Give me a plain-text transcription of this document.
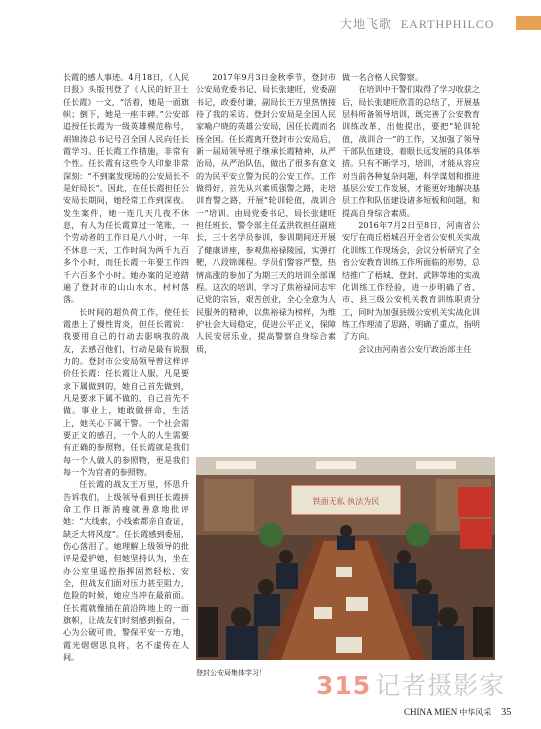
大地飞歌 EARTHPHILCO

长霞的感人事迹。4月18日，《人民日报》头版刊登了《人民的好卫士任长霞》一文，“活着，她是一面旗帜；倒下，她是一座丰碑。”公安部追授任长霞为一级英雄模范称号，胡锦涛总书记号召全国人民向任长霞学习。任长霞工作措施，非常有个性。任长霞有这些令人印象非常深刻：“不到案发现场的公安局长不是好局长”。因此，在任长霞担任公安局长期间，她经常工作到深夜。发生案件，她一连几天几夜不休息，有人为任长霞算过一笔账，一个劳动者的工作日是八小时，一年不休息一天，工作时间为两千九百多个小时，而任长霞一年要工作四千六百多个小时。她办案的足迹踏遍了登封市的山山水水，村村落落。

长时间的超负荷工作，使任长霞患上了慢性胃炎，但任长霞说：我要用自己的行动去影响我的战友，去感召他们，行动是最有说服力的。登封市公安局领导曾这样评价任长霞：任长霞让人服，凡是要求下属做到的，她自己首先做到，凡是要求下属不做的，自己首先不做。事业上，她敢做拼命，生活上，她关心下属干警。一个社会需要正义的感召，一个人的人生需要有正确的参照物，任长霞就是我们每一个人做人的参照物，更是我们每一个为官者的参照物。

任长霞的战友王万里，怀思升告诉我们，上级领导看到任长霞拼命工作日渐消瘦就善意地批评她：“大线索，小线索都亲自查证，缺乏大将风度”。任长霞感到委屈，伤心落泪了。她理解上级领导的批评是爱护她，但她坚持认为，坐在办公室里遥控指挥固然轻松、安全，但战友们面对压力甚至阻力，危险的时候，她应当冲在最前面。任长霞就像插在前沿阵地上的一面旗帜，让战友们时刻感到振奋，一心为公破可贵，警保平安一方地，霞光熠熠思良将，名不虚传在人间。

2017年9月3日金秋季节，登封市公安局党委书记、局长张建旺，党委副书记，政委付谦，副局长王万里热情接待了我的采访。登封公安局是全国人民家喻户晓的英雄公安局，因任长霞而名扬全国。任长霞离开登封市公安局后，新一届局领导班子继承长霞精神，从严治局，从严治队伍，做出了很多有意义的为民平安立警为民的公安工作。工作做得好，首先从兴素质强警之路，走培训育警之路，开展“轮训轮值，战训合一”培训。由局党委书记，局长张建旺担任班长，警令部主任孟洪钦担任副班长，三十名学员参训，参训期间还开展了健康讲座，参观焦裕禄陵园，实弹打靶，八段锦课程。学员们警容严整，热情高涨的参加了为期三天的培训全部课程。这次的培训，学习了焦裕禄同志牢记党的宗旨，艰苦创业，全心全意为人民服务的精神，以焦裕禄为榜样，为维护社会大局稳定，促进公平正义，保障人民安居乐业，提高警察自身综合素质，

做一名合格人民警察。

在培训中干警们取得了学习收获之后，局长张建旺欣喜的总结了，开展基层科所备领导培训，既完善了公安教育训练改革，出他提出，要把“轮训轮值，战训合一”的工作，又加强了领导干部队伍建设，着眼长远发展的具体举措。只有不断学习，培训，才能从容应对当前各种复杂问题，科学谋划和推进基层公安工作发展，才能更好地解决基层工作和队伍建设诸多短板和问题，和提高自身综合素质。

2016年7月2日至8日，河南省公安厅在商丘梧城召开全省公安机关实战化训练工作现场会，会议分析研究了全省公安教育训练工作所面临的形势，总结推广了梧城、登封、武陟等地的实战化训练工作经验，进一步明确了省、市、县三级公安机关教育训练职责分工，同时为加强县级公安机关实战化训练工作理清了思路，明确了重点，指明了方向。

会议由河南省公安厅政治部主任

铁面无私 执法为民
登封公安局集体学习！ 315 记者摄影家
CHINA MIEN 中华风采 35
